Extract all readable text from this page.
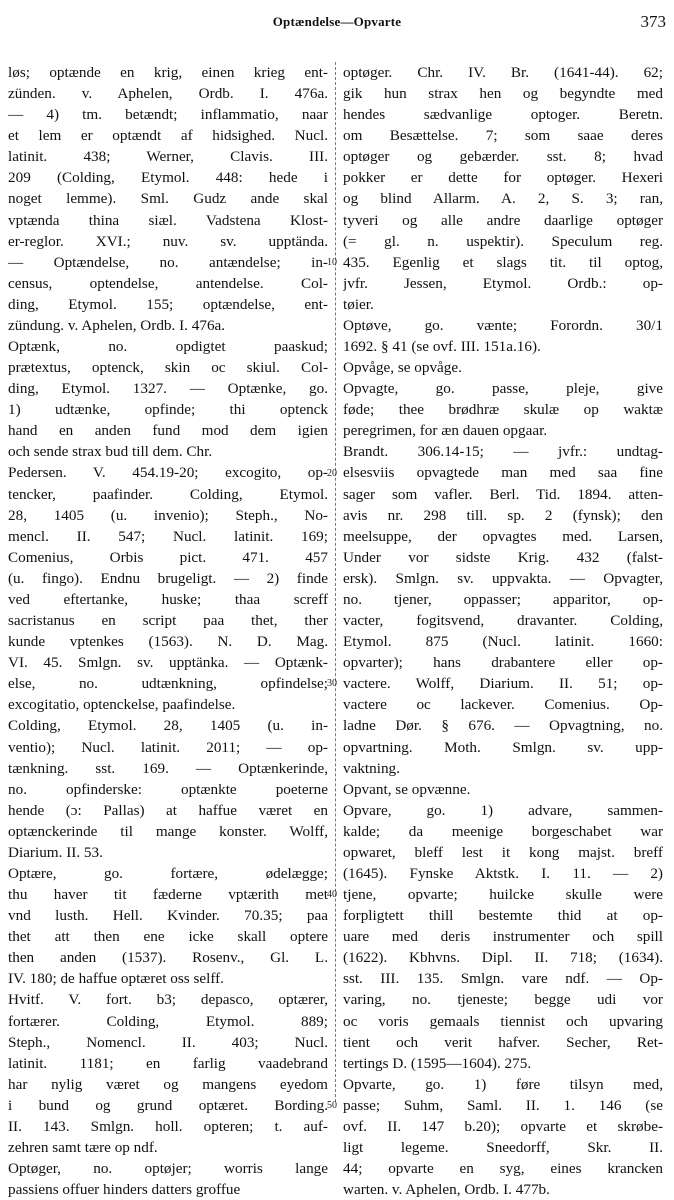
Optændelse—Opvarte	373
løs; optænde en krig, einen krieg ent-
zünden. v. Aphelen, Ordb. I. 476a.
— 4) tm. betændt; inflammatio, naar
et lem er optændt af hidsighed. Nucl.
latinit. 438; Werner, Clavis. III.
209 (Colding, Etymol. 448: hede i
noget lemme). Sml. Gudz ande skal
vptænda thina siæl. Vadstena Klost-
er-reglor. XVI.; nuv. sv. upptända.
— Optændelse, no. antændelse; in-
census, optendelse, antendelse. Col-
ding, Etymol. 155; optændelse, ent-
zündung. v. Aphelen, Ordb. I. 476a.
Optænk, no. opdigtet paaskud;
prætextus, optenck, skin oc skiul. Col-
ding, Etymol. 1327. — Optænke, go.
1) udtænke, opfinde; thi optenck
hand en anden fund mod dem igien
och sende strax bud till dem. Chr.
Pedersen. V. 454.19-20; excogito, op-
tencker, paafinder. Colding, Etymol.
28, 1405 (u. invenio); Steph., No-
mencl. II. 547; Nucl. latinit. 169;
Comenius, Orbis pict. 471. 457
(u. fingo). Endnu brugeligt. — 2) finde
ved eftertanke, huske; thaa screff
sacristanus en script paa thet, ther
kunde vptenkes (1563). N. D. Mag.
VI. 45. Smlgn. sv. upptänka. — Optænk-
else, no. udtænkning, opfindelse;
excogitatio, optenckelse, paafindelse.
Colding, Etymol. 28, 1405 (u. in-
ventio); Nucl. latinit. 2011; — op-
tænkning. sst. 169. — Optænkerinde,
no. opfinderske: optænkte poeterne
hende (ɔ: Pallas) at haffue været en
optænckerinde til mange konster. Wolff,
Diarium. II. 53.
Optære, go. fortære, ødelægge;
thu haver tit fæderne vptærith met
vnd lusth. Hell. Kvinder. 70.35; paa
thet att then ene icke skall optere
then anden (1537). Rosenv., Gl. L.
IV. 180; de haffue optæret oss selff.
Hvitf. V. fort. b3; depasco, optærer,
fortærer. Colding, Etymol. 889;
Steph., Nomencl. II. 403; Nucl.
latinit. 1181; en farlig vaadebrand
har nylig været og mangens eyedom
i bund og grund optæret. Bording.
II. 143. Smlgn. holl. opteren; t. auf-
zehren samt tære op ndf.
Optøger, no. optøjer; worris lange
passiens offuer hinders datters groffue
optøger. Chr. IV. Br. (1641-44). 62;
gik hun strax hen og begyndte med
hendes sædvanlige optoger. Beretn.
om Besættelse. 7; som saae deres
optøger og gebærder. sst. 8; hvad
pokker er dette for optøger. Hexeri
og blind Allarm. A. 2, S. 3; ran,
tyveri og alle andre daarlige optøger
(= gl. n. uspektir). Speculum reg.
435. Egenlig et slags tit. til optog,
jvfr. Jessen, Etymol. Ordb.: op-
tøier.
Optøve, go. vænte; Forordn. 30/1
1692. § 41 (se ovf. III. 151a.16).
Opvåge, se opvåge.
Opvagte, go. passe, pleje, give
føde; thee brødhræ skulæ op waktæ
peregrimen, for æn dauen opgaar.
Brandt. 306.14-15; — jvfr.: undtag-
elsesviis opvagtede man med saa fine
sager som vafler. Berl. Tid. 1894. atten-
avis nr. 298 till. sp. 2 (fynsk); den
meelsuppe, der opvagtes med. Larsen,
Under vor sidste Krig. 432 (falst-
ersk). Smlgn. sv. uppvakta. — Opvagter,
no. tjener, oppasser; apparitor, op-
vacter, fogitsvend, dravanter. Colding,
Etymol. 875 (Nucl. latinit. 1660:
opvarter); hans drabantere eller op-
vactere. Wolff, Diarium. II. 51; op-
vactere oc lackever. Comenius. Op-
ladne Dør. § 676. — Opvagtning, no.
opvartning. Moth. Smlgn. sv. upp-
vaktning.
Opvant, se opvænne.
Opvare, go. 1) advare, sammen-
kalde; da meenige borgeschabet war
opwaret, bleff lest it kong majst. breff
(1645). Fynske Aktstk. I. 11. — 2)
tjene, opvarte; huilcke skulle were
forpligtett thill bestemte thid at op-
uare med deris instrumenter och spill
(1622). Kbhvns. Dipl. II. 718; (1634).
sst. III. 135. Smlgn. vare ndf. — Op-
varing, no. tjeneste; begge udi vor
oc voris gemaals tiennist och upvaring
tient och verit hafver. Secher, Ret-
tertings D. (1595—1604). 275.
Opvarte, go. 1) føre tilsyn med,
passe; Suhm, Saml. II. 1. 146 (se
ovf. II. 147 b.20); opvarte et skrøbe-
ligt legeme. Sneedorff, Skr. II.
44; opvarte en syg, eines krancken
warten. v. Aphelen, Ordb. I. 477b.
10
20
30
40
50
